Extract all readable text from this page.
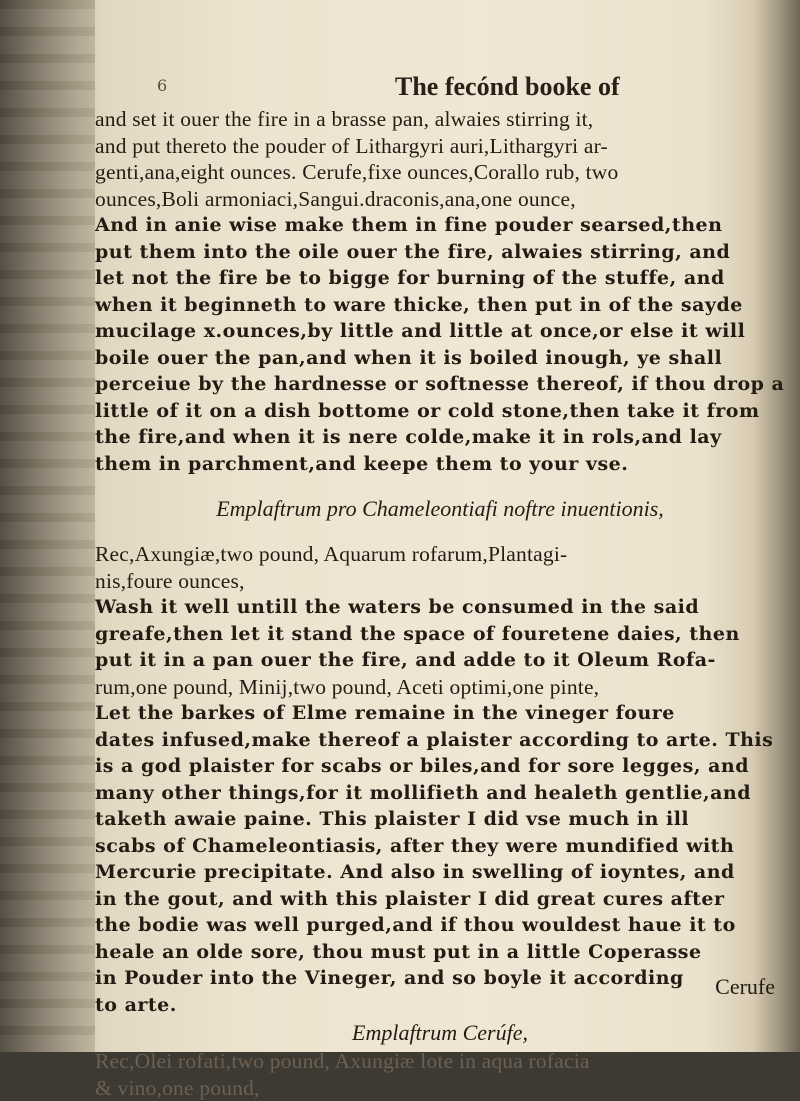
6	The fecónd booke of
and set it ouer the fire in a brasse pan, alwaies stirring it,
and put thereto the pouder of Lithargyri auri,Lithargyri ar-
genti,ana,eight ounces. Cerufe,fixe ounces,Corallo rub, two
ounces,Boli armoniaci,Sangui.draconis,ana,one ounce,
And in anie wise make them in fine pouder searsed,then
put them into the oile ouer the fire, alwaies stirring, and
let not the fire be to bigge for burning of the stuffe, and
when it beginneth to ware thicke, then put in of the sayde
mucilage x.ounces,by little and little at once,or else it will
boile ouer the pan,and when it is boiled inough, ye shall
perceiue by the hardnesse or softnesse thereof, if thou drop a
little of it on a dish bottome or cold stone,then take it from
the fire,and when it is nere colde,make it in rols,and lay
them in parchment,and keepe them to your vse.
Emplaftrum pro Chameleontiafi noftre inuentionis,
Rec,Axungiæ,two pound, Aquarum rofarum,Plantagi-
nis,foure ounces,
Wash it well untill the waters be consumed in the said
greafe,then let it stand the space of fouretene daies, then
put it in a pan ouer the fire, and adde to it Oleum Rofa-
rum,one pound, Minij,two pound, Aceti optimi,one pinte,
Let the barkes of Elme remaine in the vineger foure
dates infused,make thereof a plaister according to arte. This
is a god plaister for scabs or biles,and for sore legges, and
many other things,for it mollifieth and healeth gentlie,and
taketh awaie paine. This plaister I did vse much in ill
scabs of Chameleontiasis, after they were mundified with
Mercurie precipitate. And also in swelling of ioyntes, and
in the gout, and with this plaister I did great cures after
the bodie was well purged,and if thou wouldest haue it to
heale an olde sore, thou must put in a little Coperasse
in Pouder into the Vineger, and so boyle it according
to arte.
Emplaftrum Cerúfe,
Rec,Olei rofati,two pound, Axungiæ lote in aqua rofacia
& vino,one pound,
Cerufe
